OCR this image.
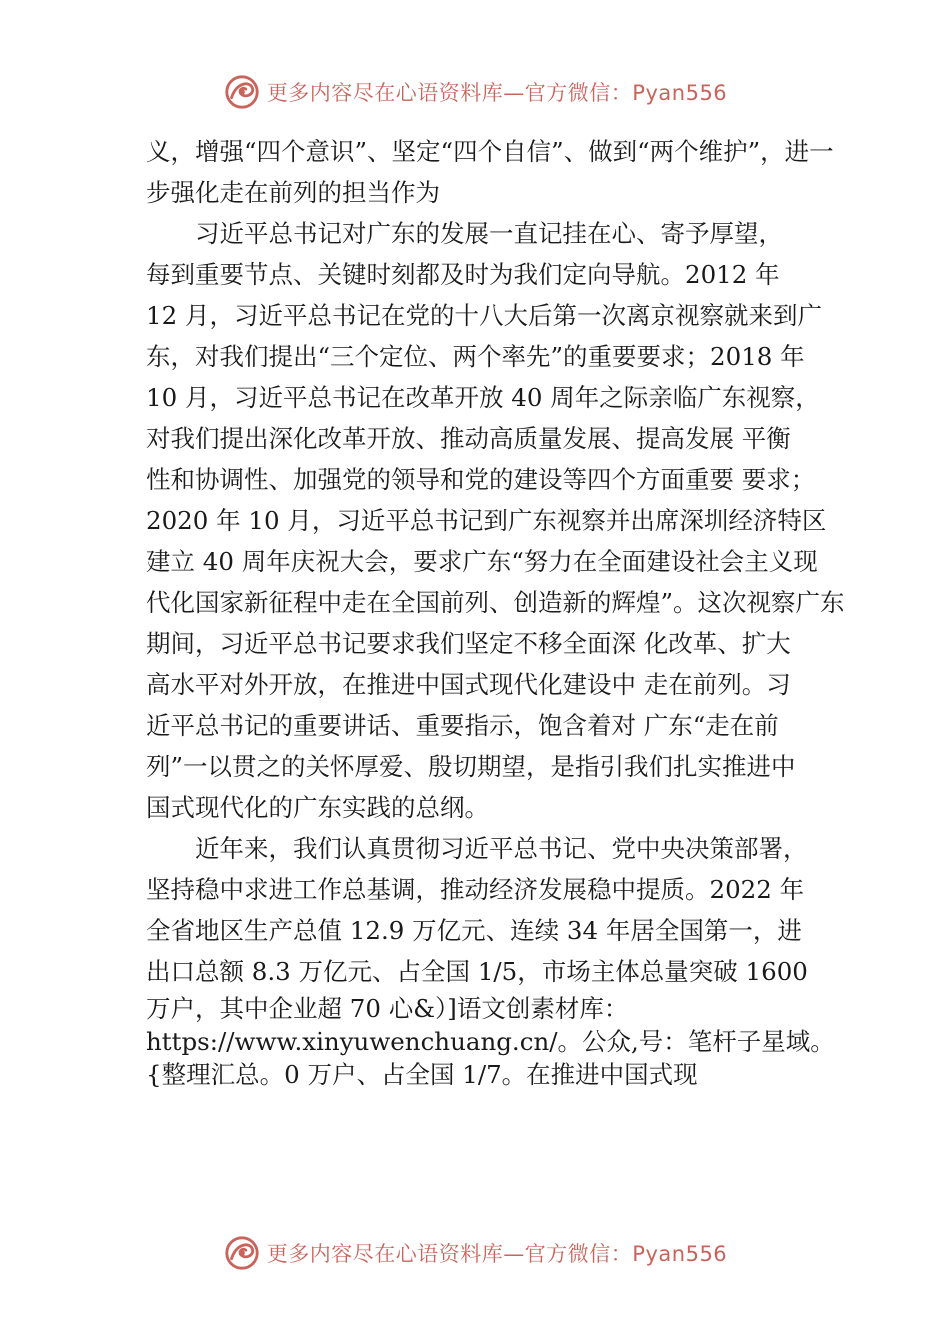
更多内容尽在心语资料库—官方微信：Pyan556
义，增强“四个意识”、坚定“四个自信”、做到“两个维护”，进一
步强化走在前列的担当作为
　　习近平总书记对广东的发展一直记挂在心、寄予厚望，
每到重要节点、关键时刻都及时为我们定向导航。2012 年
12 月，习近平总书记在党的十八大后第一次离京视察就来到广
东，对我们提出“三个定位、两个率先”的重要要求；2018 年
10 月，习近平总书记在改革开放 40 周年之际亲临广东视察，
对我们提出深化改革开放、推动高质量发展、提高发展 平衡
性和协调性、加强党的领导和党的建设等四个方面重要 要求；
2020 年 10 月，习近平总书记到广东视察并出席深圳经济特区
建立 40 周年庆祝大会，要求广东“努力在全面建设社会主义现
代化国家新征程中走在全国前列、创造新的辉煌”。这次视察广东
期间，习近平总书记要求我们坚定不移全面深 化改革、扩大
高水平对外开放，在推进中国式现代化建设中 走在前列。习
近平总书记的重要讲话、重要指示，饱含着对 广东“走在前
列”一以贯之的关怀厚爱、殷切期望，是指引我们扎实推进中
国式现代化的广东实践的总纲。
　　近年来，我们认真贯彻习近平总书记、党中央决策部署，
坚持稳中求进工作总基调，推动经济发展稳中提质。2022 年
全省地区生产总值 12.9 万亿元、连续 34 年居全国第一，进
出口总额 8.3 万亿元、占全国 1/5，市场主体总量突破 1600
万户，其中企业超 70 心&）]语文创素材库：
https://www.xinyuwenchuang.cn/。公众,号：笔杆子星域。
{整理汇总。0 万户、占全国 1/7。在推进中国式现
更多内容尽在心语资料库—官方微信：Pyan556
